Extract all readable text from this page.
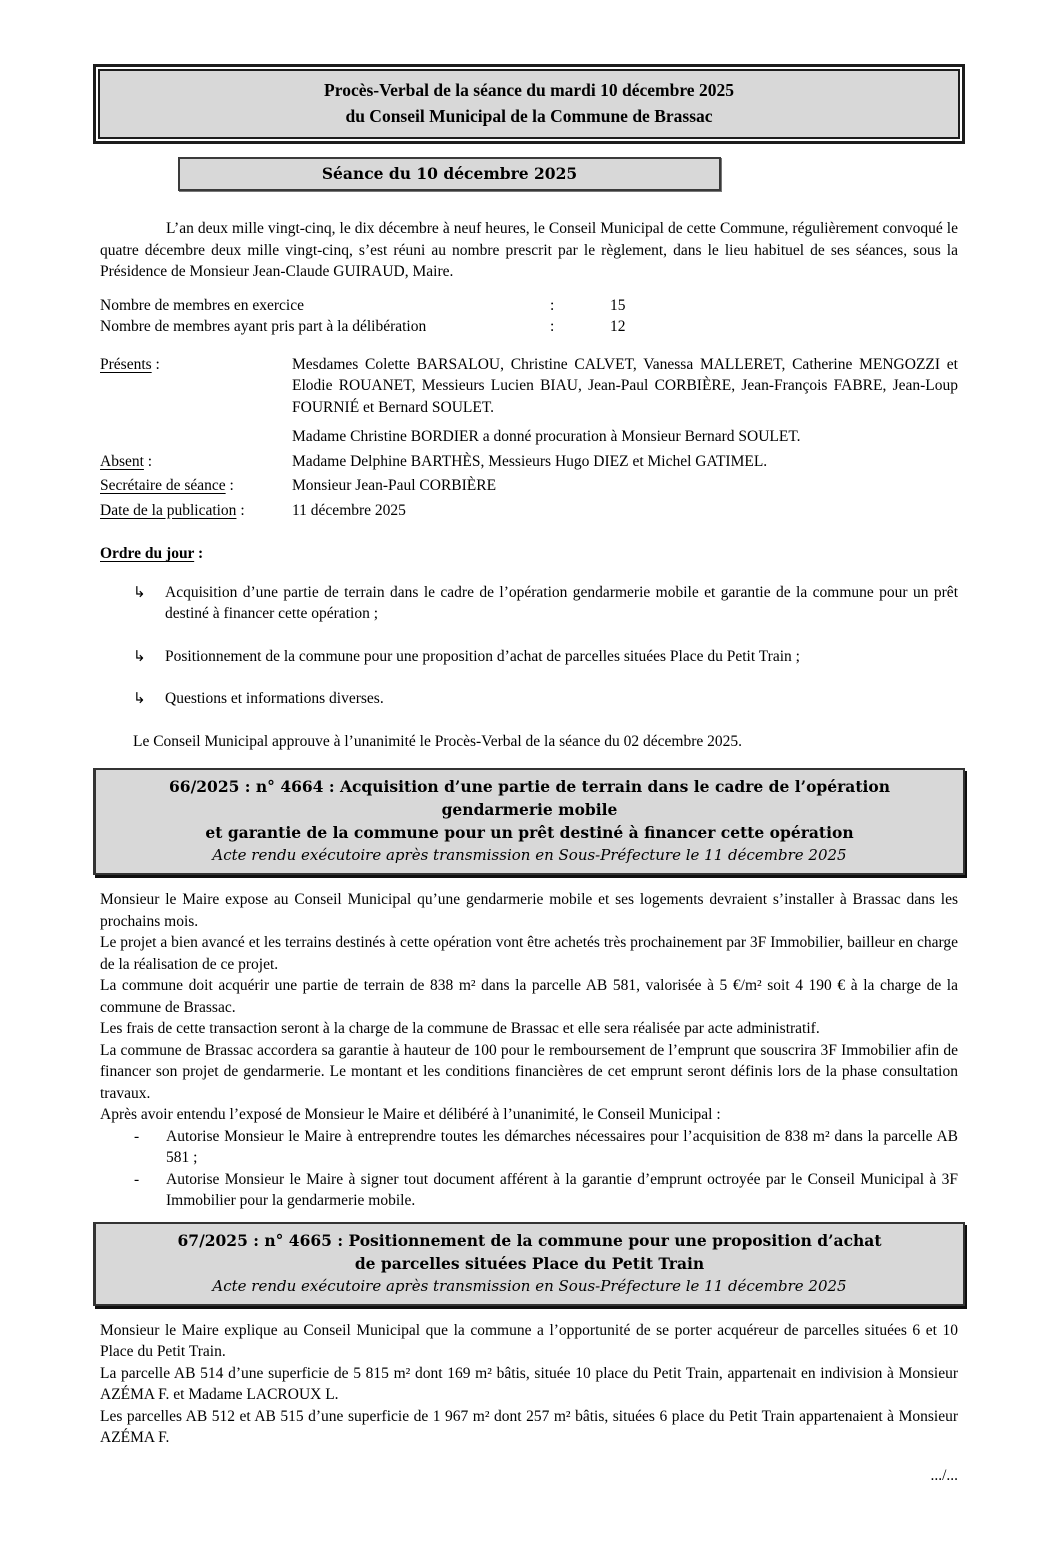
Procès-Verbal de la séance du mardi 10 décembre 2025
du Conseil Municipal de la Commune de Brassac
Séance du 10 décembre 2025

L’an deux mille vingt-cinq, le dix décembre à neuf heures, le Conseil Municipal de cette Commune, régulièrement convoqué le quatre décembre deux mille vingt-cinq, s’est réuni au nombre prescrit par le règlement, dans le lieu habituel de ses séances, sous la Présidence de Monsieur Jean-Claude GUIRAUD, Maire.

Nombre de membres en exercice	:	15
Nombre de membres ayant pris part à la délibération	:	12
Présents :	Mesdames Colette BARSALOU, Christine CALVET, Vanessa MALLERET, Catherine MENGOZZI et Elodie ROUANET, Messieurs Lucien BIAU, Jean-Paul CORBIÈRE, Jean-François FABRE, Jean-Loup FOURNIÉ et Bernard SOULET.
Madame Christine BORDIER a donné procuration à Monsieur Bernard SOULET.
Absent :	Madame Delphine BARTHÈS, Messieurs Hugo DIEZ et Michel GATIMEL.
Secrétaire de séance :	Monsieur Jean-Paul CORBIÈRE
Date de la publication :	11 décembre 2025
Ordre du jour :
↳	Acquisition d’une partie de terrain dans le cadre de l’opération gendarmerie mobile et garantie de la commune pour un prêt destiné à financer cette opération ;
↳	Positionnement de la commune pour une proposition d’achat de parcelles situées Place du Petit Train ;
↳	Questions et informations diverses.

Le Conseil Municipal approuve à l’unanimité le Procès-Verbal de la séance du 02 décembre 2025.

66/2025 : n° 4664 : Acquisition d’une partie de terrain dans le cadre de l’opération gendarmerie mobile
et garantie de la commune pour un prêt destiné à financer cette opération
Acte rendu exécutoire après transmission en Sous-Préfecture le 11 décembre 2025

Monsieur le Maire expose au Conseil Municipal qu’une gendarmerie mobile et ses logements devraient s’installer à Brassac dans les prochains mois.

Le projet a bien avancé et les terrains destinés à cette opération vont être achetés très prochainement par 3F Immobilier, bailleur en charge de la réalisation de ce projet.

La commune doit acquérir une partie de terrain de 838 m² dans la parcelle AB 581, valorisée à 5 €/m² soit 4 190 € à la charge de la commune de Brassac.

Les frais de cette transaction seront à la charge de la commune de Brassac et elle sera réalisée par acte administratif.

La commune de Brassac accordera sa garantie à hauteur de 100 pour le remboursement de l’emprunt que souscrira 3F Immobilier afin de financer son projet de gendarmerie. Le montant et les conditions financières de cet emprunt seront définis lors de la phase consultation travaux.

Après avoir entendu l’exposé de Monsieur le Maire et délibéré à l’unanimité, le Conseil Municipal :

-	Autorise Monsieur le Maire à entreprendre toutes les démarches nécessaires pour l’acquisition de 838 m² dans la parcelle AB 581 ;
-	Autorise Monsieur le Maire à signer tout document afférent à la garantie d’emprunt octroyée par le Conseil Municipal à 3F Immobilier pour la gendarmerie mobile.
67/2025 : n° 4665 : Positionnement de la commune pour une proposition d’achat
de parcelles situées Place du Petit Train
Acte rendu exécutoire après transmission en Sous-Préfecture le 11 décembre 2025

Monsieur le Maire explique au Conseil Municipal que la commune a l’opportunité de se porter acquéreur de parcelles situées 6 et 10 Place du Petit Train.

La parcelle AB 514 d’une superficie de 5 815 m² dont 169 m² bâtis, située 10 place du Petit Train, appartenait en indivision à Monsieur AZÉMA F. et Madame LACROUX L.

Les parcelles AB 512 et AB 515 d’une superficie de 1 967 m² dont 257 m² bâtis, situées 6 place du Petit Train appartenaient à Monsieur AZÉMA F.

.../...
